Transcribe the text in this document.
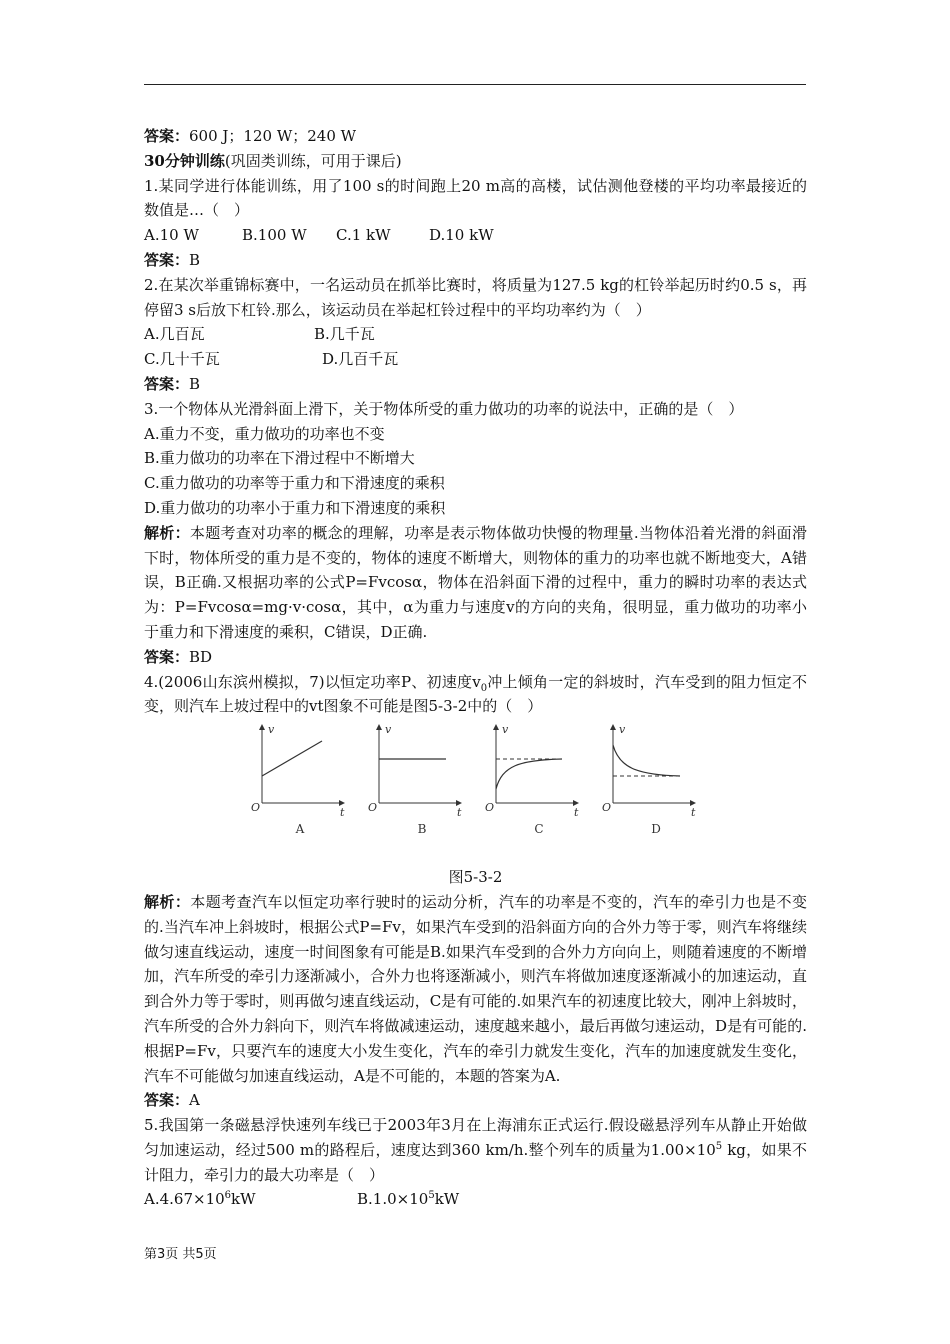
答案：600 J；120 W；240 W

30分钟训练(巩固类训练，可用于课后)

1.某同学进行体能训练，用了100 s的时间跑上20 m高的高楼，试估测他登楼的平均功率最接近的数值是…（　）

A.10 W	B.100 W	C.1 kW	D.10 kW

答案：B

2.在某次举重锦标赛中，一名运动员在抓举比赛时，将质量为127.5 kg的杠铃举起历时约0.5 s，再停留3 s后放下杠铃.那么，该运动员在举起杠铃过程中的平均功率约为（　）

A.几百瓦	B.几千瓦
C.几十千瓦	D.几百千瓦

答案：B

3.一个物体从光滑斜面上滑下，关于物体所受的重力做功的功率的说法中，正确的是（　）

A.重力不变，重力做功的功率也不变

B.重力做功的功率在下滑过程中不断增大

C.重力做功的功率等于重力和下滑速度的乘积

D.重力做功的功率小于重力和下滑速度的乘积

解析：本题考查对功率的概念的理解，功率是表示物体做功快慢的物理量.当物体沿着光滑的斜面滑下时，物体所受的重力是不变的，物体的速度不断增大，则物体的重力的功率也就不断地变大，A错误，B正确.又根据功率的公式P=Fvcosα，物体在沿斜面下滑的过程中，重力的瞬时功率的表达式为：P=Fvcosα=mg·v·cosα，其中，α为重力与速度v的方向的夹角，很明显，重力做功的功率小于重力和下滑速度的乘积，C错误，D正确.

答案：BD

4.(2006山东滨州模拟，7)以恒定功率P、初速度$v_0$冲上倾角一定的斜坡时，汽车受到的阻力恒定不变，则汽车上坡过程中的vt图象不可能是图5-3-2中的（　）

v
t
O
A
v
t
O
B
v
t
O
C
v
t
O
D

图5-3-2

解析：本题考查汽车以恒定功率行驶时的运动分析，汽车的功率是不变的，汽车的牵引力也是不变的.当汽车冲上斜坡时，根据公式P=Fv，如果汽车受到的沿斜面方向的合外力等于零，则汽车将继续做匀速直线运动，速度一时间图象有可能是B.如果汽车受到的合外力方向向上，则随着速度的不断增加，汽车所受的牵引力逐渐减小，合外力也将逐渐减小，则汽车将做加速度逐渐减小的加速运动，直到合外力等于零时，则再做匀速直线运动，C是有可能的.如果汽车的初速度比较大，刚冲上斜坡时，汽车所受的合外力斜向下，则汽车将做减速运动，速度越来越小，最后再做匀速运动，D是有可能的.根据P=Fv，只要汽车的速度大小发生变化，汽车的牵引力就发生变化，汽车的加速度就发生变化，汽车不可能做匀加速直线运动，A是不可能的，本题的答案为A.

答案：A

5.我国第一条磁悬浮快速列车线已于2003年3月在上海浦东正式运行.假设磁悬浮列车从静止开始做匀加速运动，经过500 m的路程后，速度达到360 km/h.整个列车的质量为$1.00\times 10^5$ kg，如果不计阻力，牵引力的最大功率是（　）

$A.4.67\times 10^6kW$	$B.1.0\times 10^5kW$
第3页 共5页
